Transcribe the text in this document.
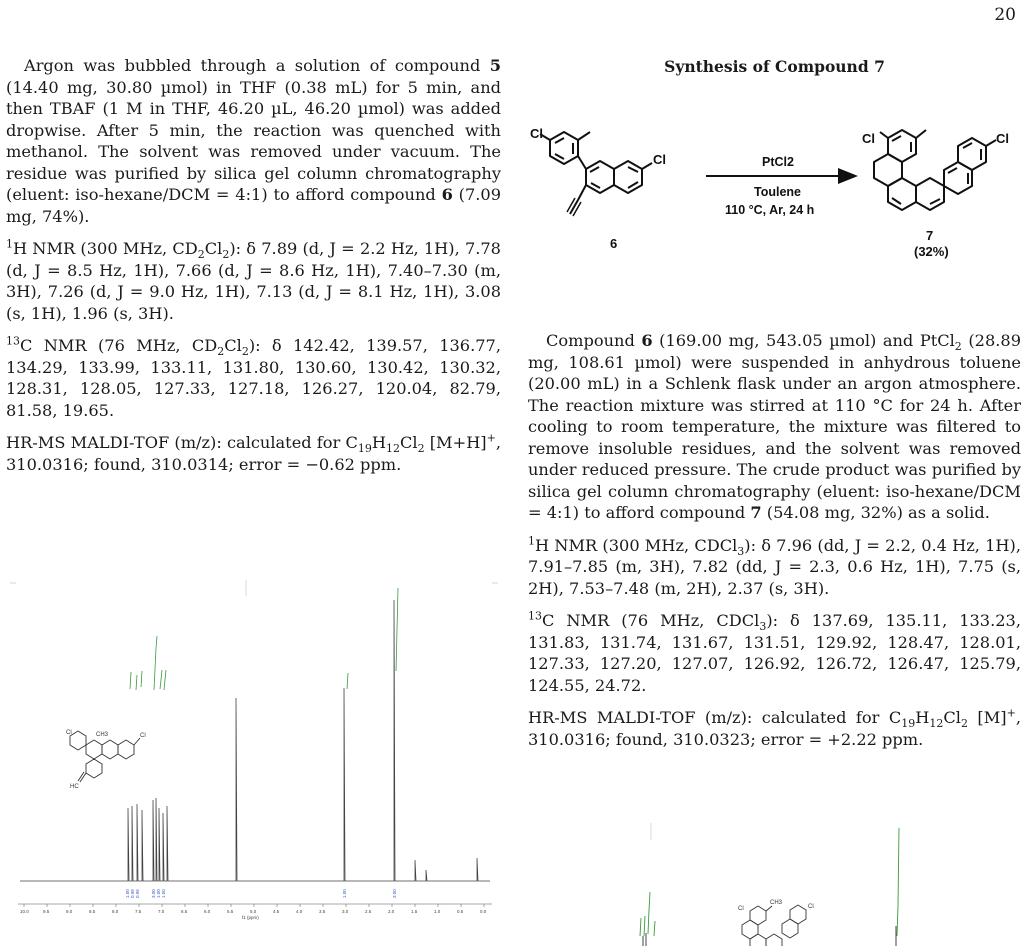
20

Argon was bubbled through a solution of compound 5 (14.40 mg, 30.80 µmol) in THF (0.38 mL) for 5 min, and then TBAF (1 M in THF, 46.20 µL, 46.20 µmol) was added dropwise. After 5 min, the reaction was quenched with methanol. The solvent was removed under vacuum. The residue was purified by silica gel column chromatography (eluent: iso-hexane/DCM = 4:1) to afford compound 6 (7.09 mg, 74%).

$^1$H NMR (300 MHz, $CD_2Cl_2$): δ 7.89 (d, J = 2.2 Hz, 1H), 7.78 (d, J = 8.5 Hz, 1H), 7.66 (d, J = 8.6 Hz, 1H), 7.40–7.30 (m, 3H), 7.26 (d, J = 9.0 Hz, 1H), 7.13 (d, J = 8.1 Hz, 1H), 3.08 (s, 1H), 1.96 (s, 3H).

$^{13}$C NMR (76 MHz, $CD_2Cl_2$): δ 142.42, 139.57, 136.77, 134.29, 133.99, 133.11, 131.80, 130.60, 130.42, 130.32, 128.31, 128.05, 127.33, 127.18, 126.27, 120.04, 82.79, 81.58, 19.65.

HR-MS MALDI-TOF (m/z): calculated for $C_{19}H_{12}Cl_2$ [M+H]+, 310.0316; found, 310.0314; error = −0.62 ppm.

Cl	CH3	Cl
HC
1.00 0.98 0.96 3.00 1.00 1.00	1.00	3.00
10.0	9.5	9.0	8.5	8.0	7.5	7.0	6.5	6.0	5.5	5.0	4.5	4.0	3.5	3.0	2.5	2.0	1.5	1.0	0.5	0.0
f1 (ppm)
Synthesis of Compound 7
Cl
Cl
Cl	Cl
PtCl2
Toulene
110 °C, Ar, 24 h
6
7
(32%)

Compound 6 (169.00 mg, 543.05 µmol) and PtCl$_2$ (28.89 mg, 108.61 µmol) were suspended in anhydrous toluene (20.00 mL) in a Schlenk flask under an argon atmosphere. The reaction mixture was stirred at 110 °C for 24 h. After cooling to room temperature, the mixture was filtered to remove insoluble residues, and the solvent was removed under reduced pressure. The crude product was purified by silica gel column chromatography (eluent: iso-hexane/DCM = 4:1) to afford compound 7 (54.08 mg, 32%) as a solid.

$^1$H NMR (300 MHz, CDCl$_3$): δ 7.96 (dd, J = 2.2, 0.4 Hz, 1H), 7.91–7.85 (m, 3H), 7.82 (dd, J = 2.3, 0.6 Hz, 1H), 7.75 (s, 2H), 7.53–7.48 (m, 2H), 2.37 (s, 3H).

$^{13}$C NMR (76 MHz, CDCl$_3$): δ 137.69, 135.11, 133.23, 131.83, 131.74, 131.67, 131.51, 129.92, 128.47, 128.01, 127.33, 127.20, 127.07, 126.92, 126.72, 126.47, 125.79, 124.55, 24.72.

HR-MS MALDI-TOF (m/z): calculated for $C_{19}H_{12}Cl_2$ [M]+, 310.0316; found, 310.0323; error = +2.22 ppm.

Cl
CH3
Cl
